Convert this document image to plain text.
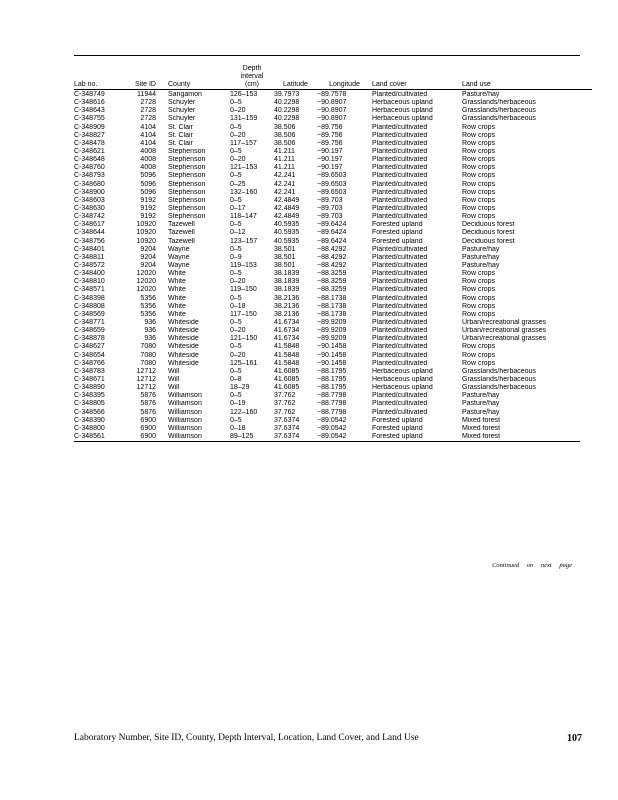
Lab no.	Site ID	County	Depth
interval
(cm)	Latitude	Longitude	Land cover	Land use

C-348749	11944	Sangamon	126–153	39.7973	−89.7578	Planted/cultivated	Pasture/hay
C-348616	2728	Schuyler	0–5	40.2298	−90.8907	Herbaceous upland	Grasslands/herbaceous
C-348643	2728	Schuyler	0–20	40.2298	−90.8907	Herbaceous upland	Grasslands/herbaceous
C-348755	2728	Schuyler	131–159	40.2298	−90.8907	Herbaceous upland	Grasslands/herbaceous
C-348909	4104	St. Clair	0–5	38.506	−89.756	Planted/cultivated	Row crops
C-348827	4104	St. Clair	0–20	38.506	−89.756	Planted/cultivated	Row crops
C-348478	4104	St. Clair	117–157	38.506	−89.756	Planted/cultivated	Row crops
C-348621	4008	Stephenson	0–5	41.211	−90.197	Planted/cultivated	Row crops
C-348648	4008	Stephenson	0–20	41.211	−90.197	Planted/cultivated	Row crops
C-348760	4008	Stephenson	121–153	41.211	−90.197	Planted/cultivated	Row crops
C-348793	5096	Stephenson	0–5	42.241	−89.6503	Planted/cultivated	Row crops
C-348680	5096	Stephenson	0–25	42.241	−89.6503	Planted/cultivated	Row crops
C-348900	5096	Stephenson	132–160	42.241	−89.6503	Planted/cultivated	Row crops
C-348603	9192	Stephenson	0–5	42.4849	−89.703	Planted/cultivated	Row crops
C-348630	9192	Stephenson	0–17	42.4849	−89.703	Planted/cultivated	Row crops
C-348742	9192	Stephenson	118–147	42.4849	−89.703	Planted/cultivated	Row crops
C-348617	10920	Tazewell	0–5	40.5935	−89.6424	Forested upland	Deciduous forest
C-348644	10920	Tazewell	0–12	40.5935	−89.6424	Forested upland	Deciduous forest
C-348756	10920	Tazewell	123–157	40.5935	−89.6424	Forested upland	Deciduous forest
C-348401	9204	Wayne	0–5	38.501	−88.4292	Planted/cultivated	Pasture/hay
C-348811	9204	Wayne	0–9	38.501	−88.4292	Planted/cultivated	Pasture/hay
C-348572	9204	Wayne	119–153	38.501	−88.4292	Planted/cultivated	Pasture/hay
C-348400	12020	White	0–5	38.1839	−88.3259	Planted/cultivated	Row crops
C-348810	12020	White	0–20	38.1839	−88.3259	Planted/cultivated	Row crops
C-348571	12020	White	119–150	38.1839	−88.3259	Planted/cultivated	Row crops
C-348398	5356	White	0–5	38.2136	−88.1738	Planted/cultivated	Row crops
C-348808	5356	White	0–18	38.2136	−88.1738	Planted/cultivated	Row crops
C-348569	5356	White	117–150	38.2136	−88.1738	Planted/cultivated	Row crops
C-348771	936	Whiteside	0–5	41.6734	−89.9209	Planted/cultivated	Urban/recreational grasses
C-348659	936	Whiteside	0–20	41.6734	−89.9209	Planted/cultivated	Urban/recreational grasses
C-348878	936	Whiteside	121–150	41.6734	−89.9209	Planted/cultivated	Urban/recreational grasses
C-348627	7080	Whiteside	0–5	41.5848	−90.1458	Planted/cultivated	Row crops
C-348654	7080	Whiteside	0–20	41.5848	−90.1458	Planted/cultivated	Row crops
C-348766	7080	Whiteside	125–161	41.5848	−90.1458	Planted/cultivated	Row crops
C-348783	12712	Will	0–5	41.6085	−88.1795	Herbaceous upland	Grasslands/herbaceous
C-348671	12712	Will	0–8	41.6085	−88.1795	Herbaceous upland	Grasslands/herbaceous
C-348890	12712	Will	18–29	41.6085	−88.1795	Herbaceous upland	Grasslands/herbaceous
C-348395	5876	Williamson	0–5	37.762	−88.7798	Planted/cultivated	Pasture/hay
C-348805	5876	Williamson	0–19	37.762	−88.7798	Planted/cultivated	Pasture/hay
C-348566	5876	Williamson	122–160	37.762	−88.7798	Planted/cultivated	Pasture/hay
C-348390	6900	Williamson	0–5	37.6374	−89.0542	Forested upland	Mixed forest
C-348800	6900	Williamson	0–18	37.6374	−89.0542	Forested upland	Mixed forest
C-348561	6900	Williamson	89–125	37.6374	−89.0542	Forested upland	Mixed forest
Continued on next page
Laboratory Number, Site ID, County, Depth Interval, Location, Land Cover, and Land Use	107
